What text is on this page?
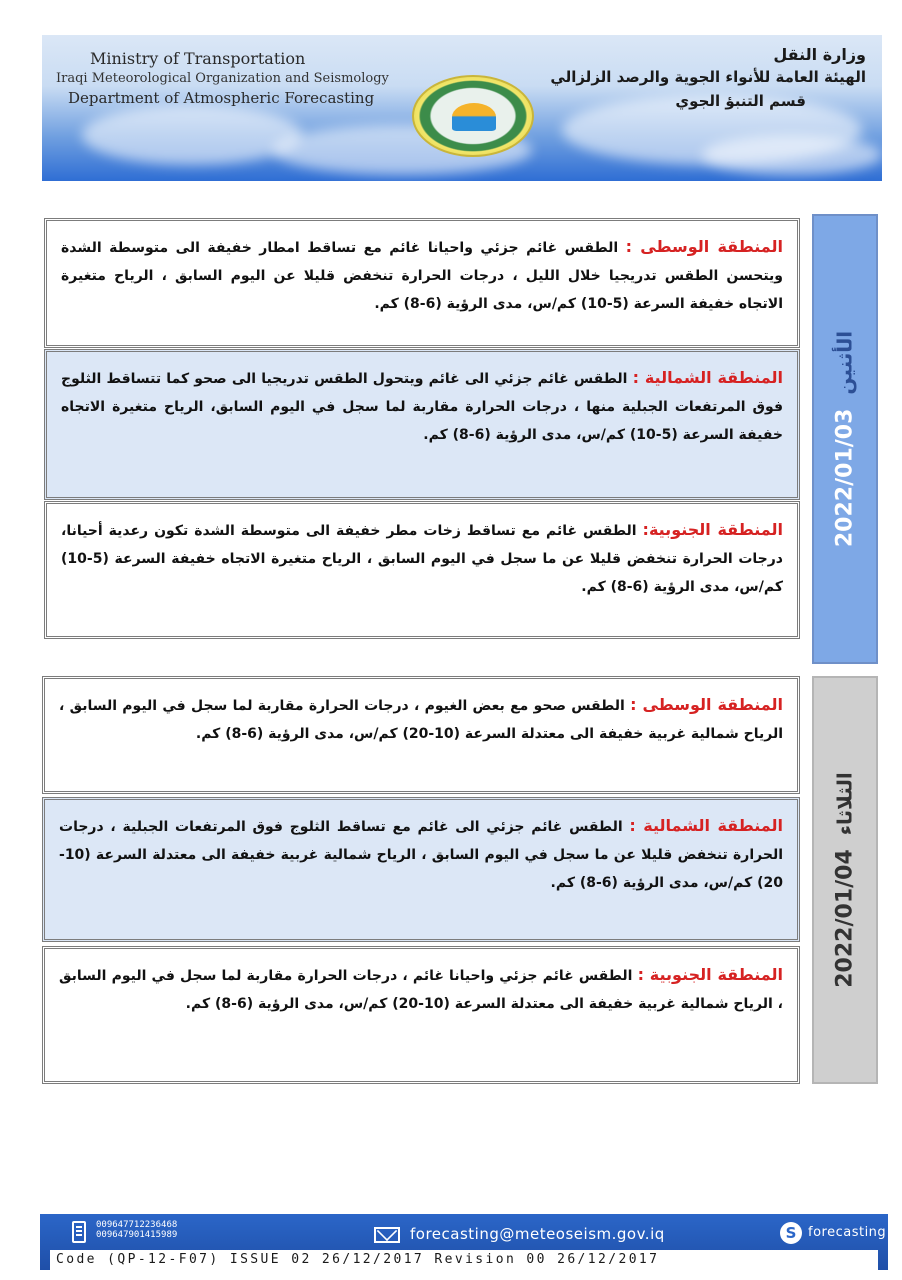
Ministry of Transportation
Iraqi Meteorological Organization and Seismology
Department of Atmospheric Forecasting
وزارة النقل
الهيئة العامة للأنواء الجوية والرصد الزلزالي
قسم التنبؤ الجوي
2022/01/03الأثنين
المنطقة الوسطى : الطقس غائم جزئي واحيانا غائم مع تساقط امطار خفيفة الى متوسطة الشدة ويتحسن الطقس تدريجيا خلال الليل ، درجات الحرارة تنخفض قليلا عن اليوم السابق ، الرياح متغيرة الاتجاه خفيفة السرعة (5-10) كم/س، مدى الرؤية (6-8) كم.
المنطقة الشمالية : الطقس غائم جزئي الى غائم ويتحول الطقس تدريجيا الى صحو كما تتساقط الثلوج فوق المرتفعات الجبلية منها ، درجات الحرارة مقاربة لما سجل في اليوم السابق، الرياح متغيرة الاتجاه خفيفة السرعة (5-10) كم/س، مدى الرؤية (6-8) كم.
المنطقة الجنوبية: الطقس غائم مع تساقط زخات مطر خفيفة الى متوسطة الشدة تكون رعدية أحيانا، درجات الحرارة تنخفض قليلا عن ما سجل في اليوم السابق ، الرياح متغيرة الاتجاه خفيفة السرعة (5-10) كم/س، مدى الرؤية (6-8) كم.
2022/01/04الثلاثاء
المنطقة الوسطى : الطقس صحو مع بعض الغيوم ، درجات الحرارة مقاربة لما سجل في اليوم السابق ، الرياح شمالية غربية خفيفة الى معتدلة السرعة (10-20) كم/س، مدى الرؤية (6-8) كم.
المنطقة الشمالية : الطقس غائم جزئي الى غائم مع تساقط الثلوج فوق المرتفعات الجبلية ، درجات الحرارة تنخفض قليلا عن ما سجل في اليوم السابق ، الرياح شمالية غربية خفيفة الى معتدلة السرعة (10-20) كم/س، مدى الرؤية (6-8) كم.
المنطقة الجنوبية : الطقس غائم جزئي واحيانا غائم ، درجات الحرارة مقاربة لما سجل في اليوم السابق ، الرياح شمالية غربية خفيفة الى معتدلة السرعة (10-20) كم/س، مدى الرؤية (6-8) كم.
009647712236468
009647901415989	forecasting@meteoseism.gov.iq	S forecasting
Code (QP-12-F07) ISSUE 02 26/12/2017 Revision 00 26/12/2017
